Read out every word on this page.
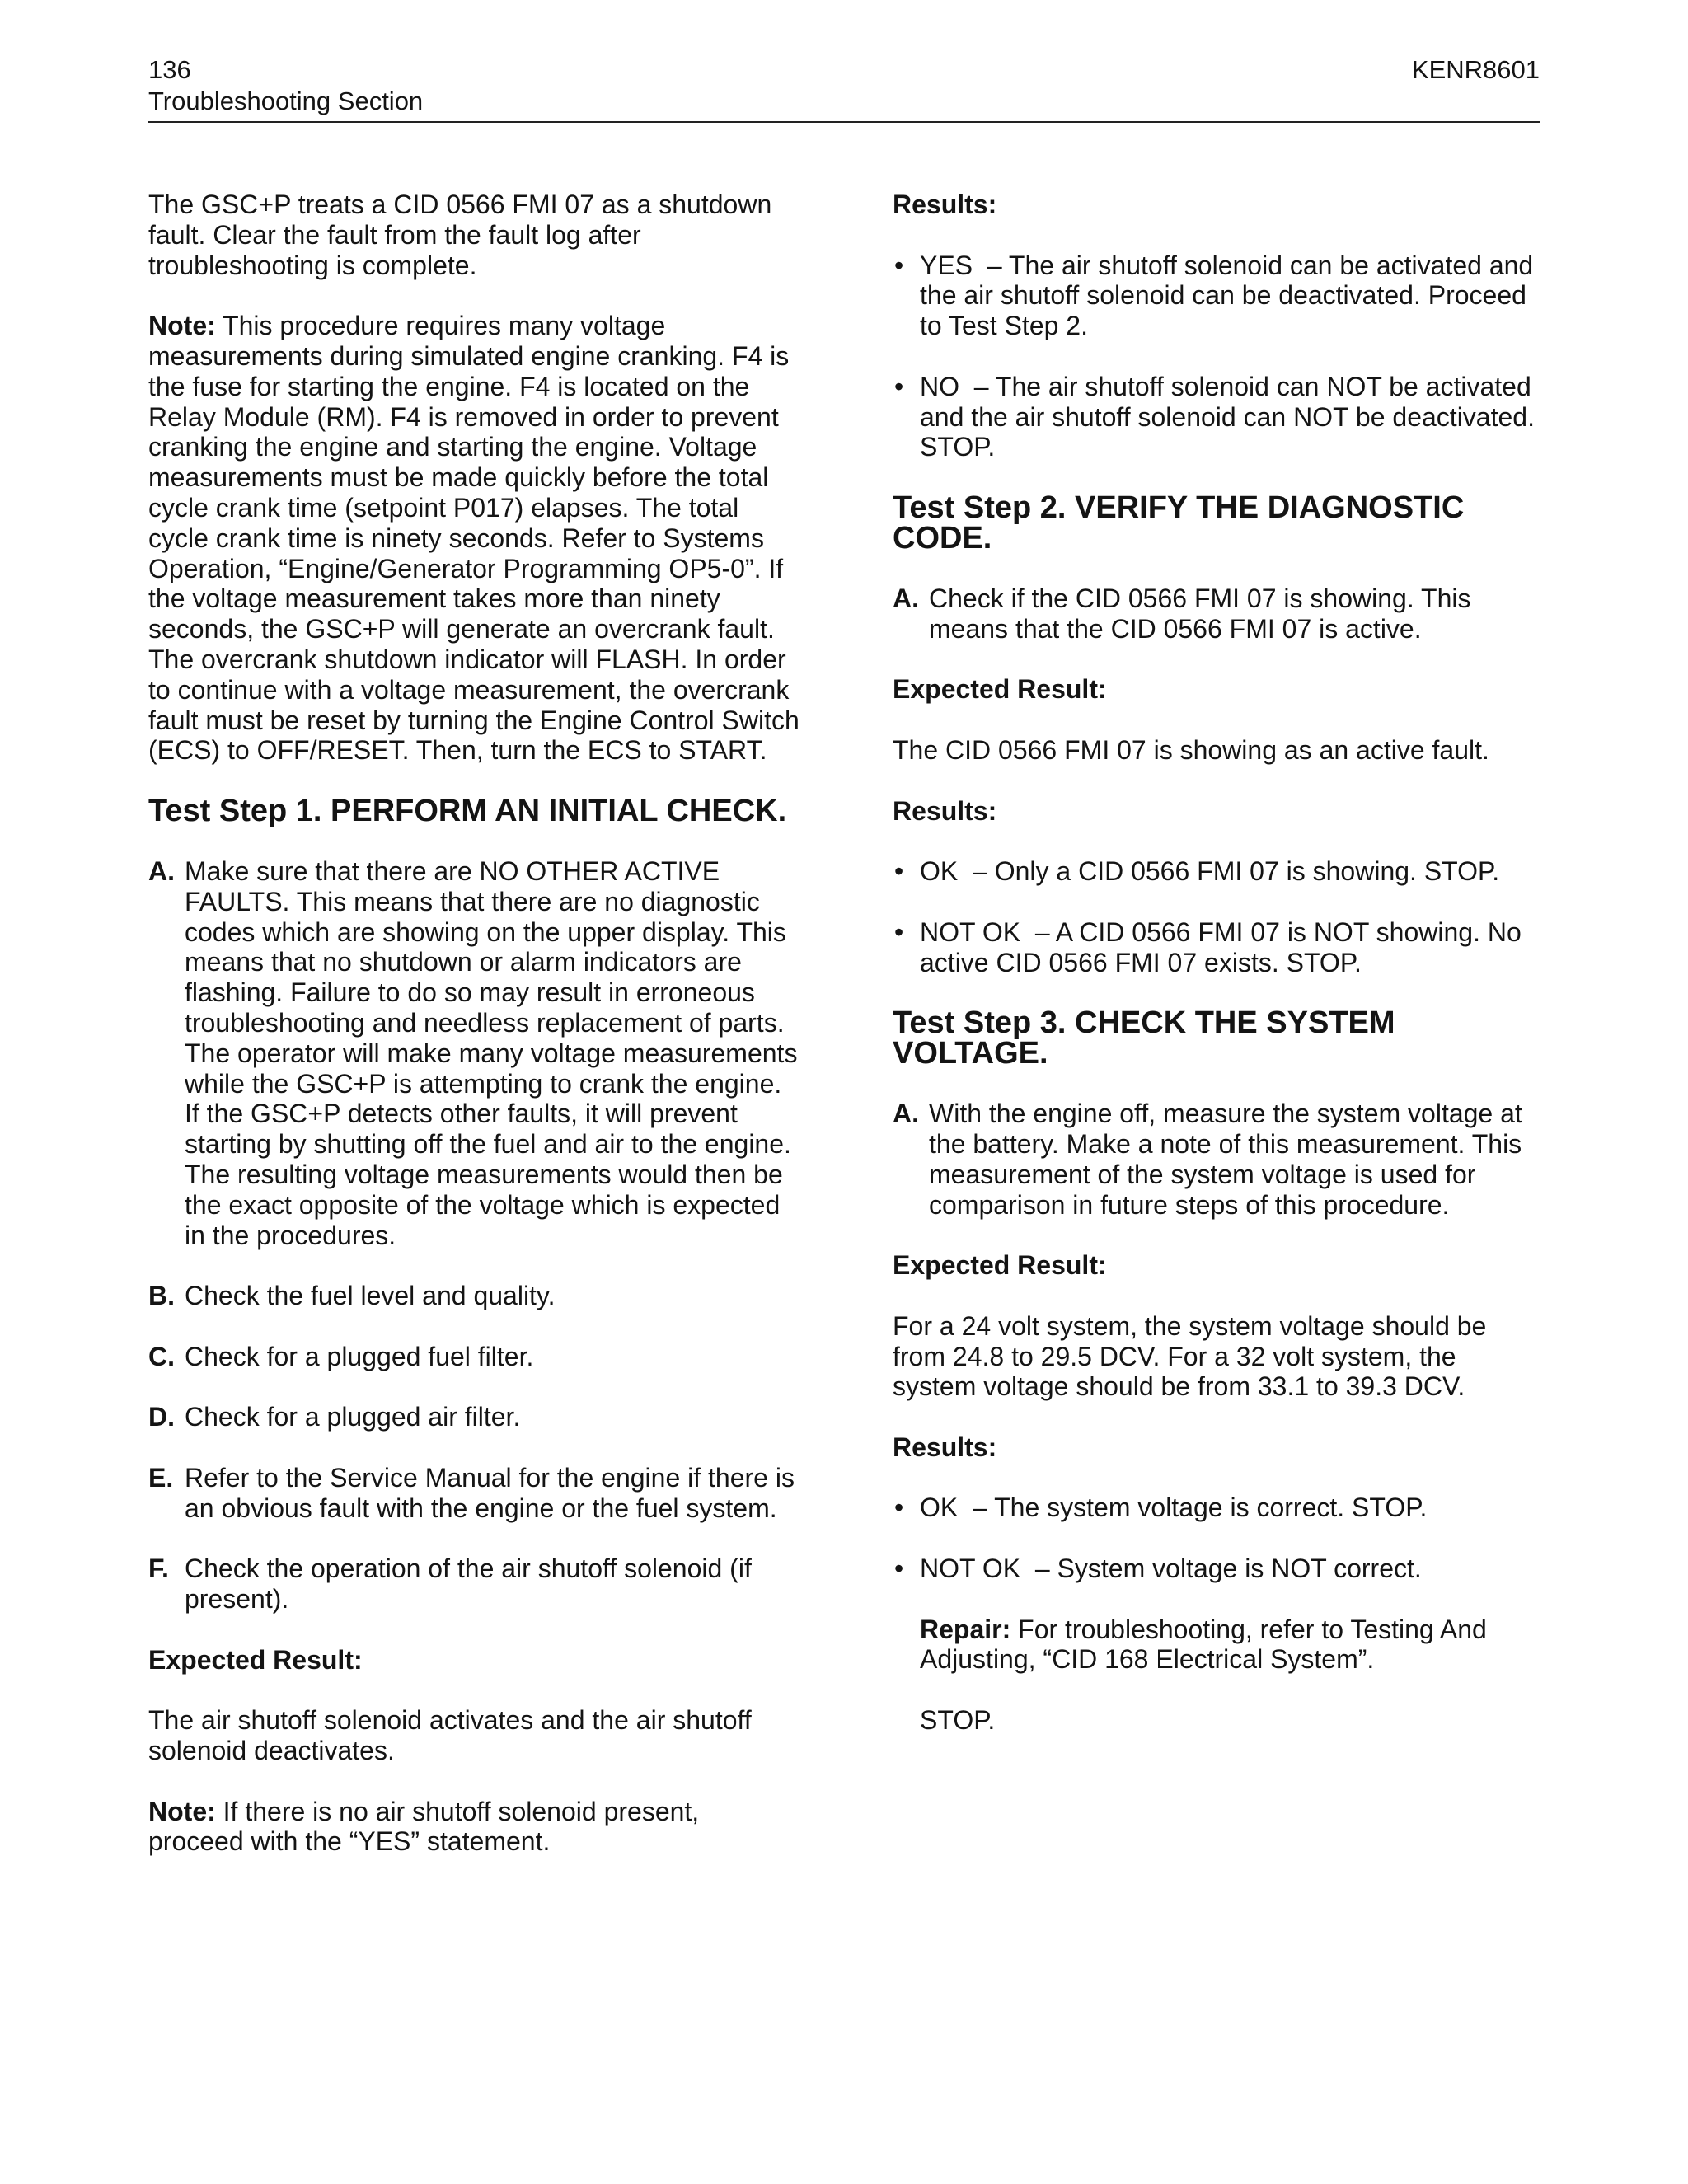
136
Troubleshooting Section
KENR8601

The GSC+P treats a CID 0566 FMI 07 as a shutdown fault. Clear the fault from the fault log after troubleshooting is complete.

Note: This procedure requires many voltage measurements during simulated engine cranking. F4 is the fuse for starting the engine. F4 is located on the Relay Module (RM). F4 is removed in order to prevent cranking the engine and starting the engine. Voltage measurements must be made quickly before the total cycle crank time (setpoint P017) elapses. The total cycle crank time is ninety seconds. Refer to Systems Operation, “Engine/Generator Programming OP5-0”. If the voltage measurement takes more than ninety seconds, the GSC+P will generate an overcrank fault. The overcrank shutdown indicator will FLASH. In order to continue with a voltage measurement, the overcrank fault must be reset by turning the Engine Control Switch (ECS) to OFF/RESET. Then, turn the ECS to START.

Test Step 1. PERFORM AN INITIAL CHECK.
A. Make sure that there are NO OTHER ACTIVE FAULTS. This means that there are no diagnostic codes which are showing on the upper display. This means that no shutdown or alarm indicators are flashing. Failure to do so may result in erroneous troubleshooting and needless replacement of parts. The operator will make many voltage measurements while the GSC+P is attempting to crank the engine. If the GSC+P detects other faults, it will prevent starting by shutting off the fuel and air to the engine. The resulting voltage measurements would then be the exact opposite of the voltage which is expected in the procedures.
B. Check the fuel level and quality.
C. Check for a plugged fuel filter.
D. Check for a plugged air filter.
E. Refer to the Service Manual for the engine if there is an obvious fault with the engine or the fuel system.
F. Check the operation of the air shutoff solenoid (if present).

Expected Result:

The air shutoff solenoid activates and the air shutoff solenoid deactivates.

Note: If there is no air shutoff solenoid present, proceed with the “YES” statement.

Results:

• YES – The air shutoff solenoid can be activated and the air shutoff solenoid can be deactivated. Proceed to Test Step 2.
• NO – The air shutoff solenoid can NOT be activated and the air shutoff solenoid can NOT be deactivated. STOP.
Test Step 2. VERIFY THE DIAGNOSTIC CODE.
A. Check if the CID 0566 FMI 07 is showing. This means that the CID 0566 FMI 07 is active.

Expected Result:

The CID 0566 FMI 07 is showing as an active fault.

Results:

• OK – Only a CID 0566 FMI 07 is showing. STOP.
• NOT OK – A CID 0566 FMI 07 is NOT showing. No active CID 0566 FMI 07 exists. STOP.
Test Step 3. CHECK THE SYSTEM VOLTAGE.
A. With the engine off, measure the system voltage at the battery. Make a note of this measurement. This measurement of the system voltage is used for comparison in future steps of this procedure.

Expected Result:

For a 24 volt system, the system voltage should be from 24.8 to 29.5 DCV. For a 32 volt system, the system voltage should be from 33.1 to 39.3 DCV.

Results:

• OK – The system voltage is correct. STOP.
• NOT OK – System voltage is NOT correct.

Repair: For troubleshooting, refer to Testing And Adjusting, “CID 168 Electrical System”.

STOP.
